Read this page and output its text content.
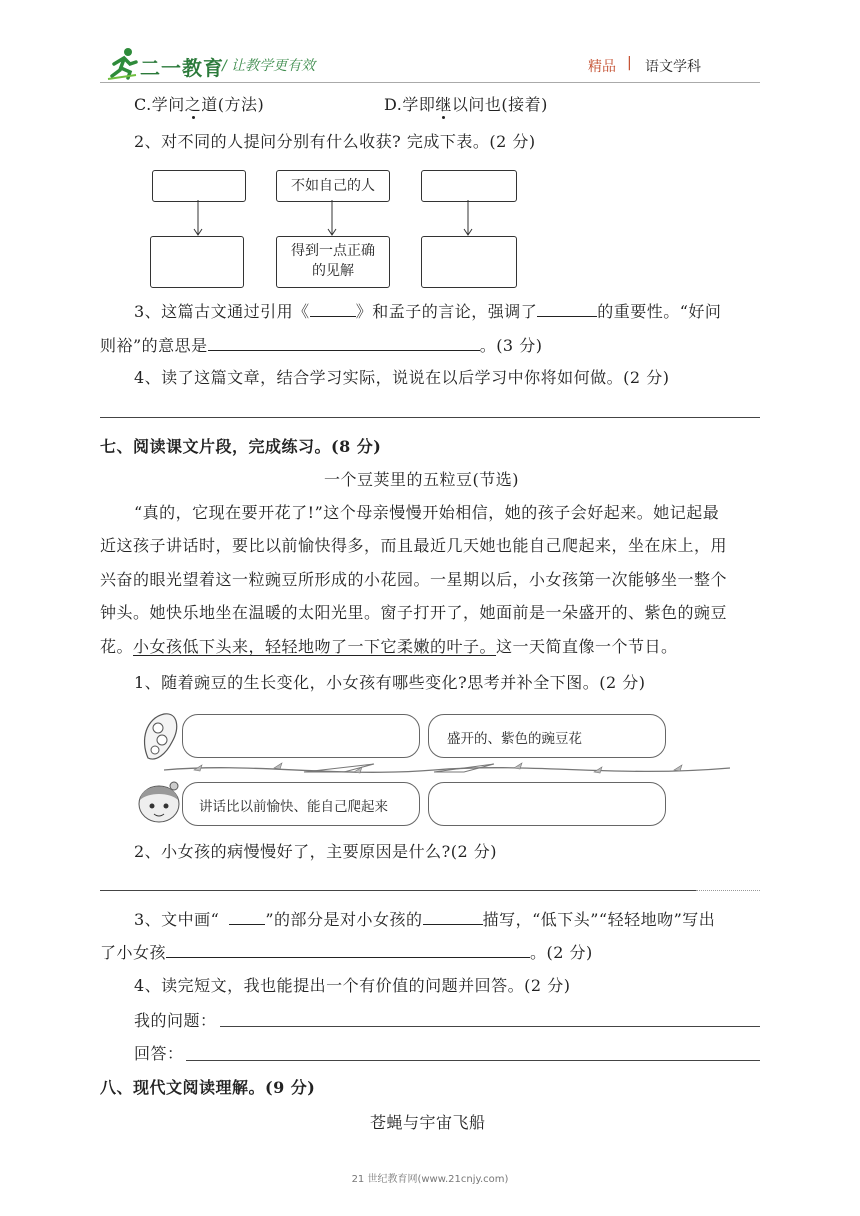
二一教育
/ 让教学更有效	精品 | 语文学科
C.学问之道(方法)	D.学即继以问也(接着)
2、对不同的人提问分别有什么收获? 完成下表。(2 分)
不如自己的人
得到一点正确的见解
3、这篇古文通过引用《	》和孟子的言论，强调了	的重要性。“好问
则裕”的意思是	。(3 分)
4、读了这篇文章，结合学习实际，说说在以后学习中你将如何做。(2 分)
七、阅读课文片段，完成练习。(8 分)
一个豆荚里的五粒豆(节选)
“真的，它现在要开花了!”这个母亲慢慢开始相信，她的孩子会好起来。她记起最
近这孩子讲话时，要比以前愉快得多，而且最近几天她也能自己爬起来，坐在床上，用
兴奋的眼光望着这一粒豌豆所形成的小花园。一星期以后，小女孩第一次能够坐一整个
钟头。她快乐地坐在温暖的太阳光里。窗子打开了，她面前是一朵盛开的、紫色的豌豆
花。小女孩低下头来，轻轻地吻了一下它柔嫩的叶子。这一天简直像一个节日。
1、随着豌豆的生长变化，小女孩有哪些变化?思考并补全下图。(2 分)
盛开的、紫色的豌豆花
讲话比以前愉快、能自己爬起来
2、小女孩的病慢慢好了，主要原因是什么?(2 分)
3、文中画“	”的部分是对小女孩的	描写，“低下头”“轻轻地吻”写出
了小女孩	。(2 分)
4、读完短文，我也能提出一个有价值的问题并回答。(2 分)
我的问题：
回答：
八、现代文阅读理解。(9 分)
苍蝇与宇宙飞船
21 世纪教育网(www.21cnjy.com)
